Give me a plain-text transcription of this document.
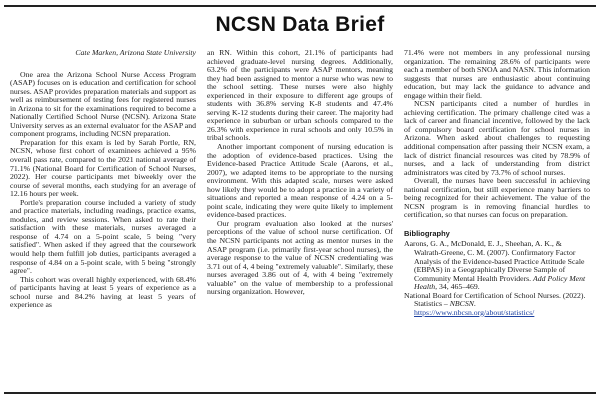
NCSN Data Brief
Cate Marken, Arizona State University

One area the Arizona School Nurse Access Program (ASAP) focuses on is education and certification for school nurses. ASAP provides preparation materials and support as well as reimbursement of testing fees for registered nurses in Arizona to sit for the examinations required to become a Nationally Certified School Nurse (NCSN). Arizona State University serves as an external evaluator for the ASAP and component programs, including NCSN preparation.

Preparation for this exam is led by Sarah Portle, RN, NCSN, whose first cohort of examinees achieved a 95% overall pass rate, compared to the 2021 national average of 71.1% (National Board for Certification of School Nurses, 2022). Her course participants met biweekly over the course of several months, each studying for an average of 12.16 hours per week.

Portle's preparation course included a variety of study and practice materials, including readings, practice exams, modules, and review sessions. When asked to rate their satisfaction with these materials, nurses averaged a response of 4.74 on a 5-point scale, 5 being "very satisfied". When asked if they agreed that the coursework would help them fulfill job duties, participants averaged a response of 4.84 on a 5-point scale, with 5 being "strongly agree".

This cohort was overall highly experienced, with 68.4% of participants having at least 5 years of experience as a school nurse and 84.2% having at least 5 years of experience as

an RN. Within this cohort, 21.1% of participants had achieved graduate-level nursing degrees. Additionally, 63.2% of the participants were ASAP mentors, meaning they had been assigned to mentor a nurse who was new to the school setting. These nurses were also highly experienced in their exposure to different age groups of students with 36.8% serving K-8 students and 47.4% serving K-12 students during their career. The majority had experience in suburban or urban schools compared to the 26.3% with experience in rural schools and only 10.5% in tribal schools.

Another important component of nursing education is the adoption of evidence-based practices. Using the Evidence-based Practice Attitude Scale (Aarons, et al., 2007), we adapted items to be appropriate to the nursing environment. With this adapted scale, nurses were asked how likely they would be to adopt a practice in a variety of situations and reported a mean response of 4.24 on a 5-point scale, indicating they were quite likely to implement evidence-based practices.

Our program evaluation also looked at the nurses' perceptions of the value of school nurse certification. Of the NCSN participants not acting as mentor nurses in the ASAP program (i.e. primarily first-year school nurses), the average response to the value of NCSN credentialing was 3.71 out of 4, 4 being "extremely valuable". Similarly, these nurses averaged 3.86 out of 4, with 4 being "extremely valuable" on the value of membership to a professional nursing organization. However,

71.4% were not members in any professional nursing organization. The remaining 28.6% of participants were each a member of both SNOA and NASN. This information suggests that nurses are enthusiastic about continuing education, but may lack the guidance to advance and engage within their field.

NCSN participants cited a number of hurdles in achieving certification. The primary challenge cited was a lack of career and financial incentive, followed by the lack of compulsory board certification for school nurses in Arizona. When asked about challenges to requesting additional compensation after passing their NCSN exam, a lack of district financial resources was cited by 78.9% of nurses, and a lack of understanding from district administrators was cited by 73.7% of school nurses.

Overall, the nurses have been successful in achieving national certification, but still experience many barriers to being recognized for their achievement. The value of the NCSN program is in removing financial hurdles to certification, so that nurses can focus on preparation.

Bibliography

Aarons, G. A., McDonald, E. J., Sheehan, A. K., & Walrath-Greene, C. M. (2007). Confirmatory Factor Analysis of the Evidence-based Practice Attitude Scale (EBPAS) in a Geographically Diverse Sample of Community Mental Health Providers. Add Policy Ment Health, 34, 465–469.

National Board for Certification of School Nurses. (2022). Statistics – NBCSN. https://www.nbcsn.org/about/statistics/
